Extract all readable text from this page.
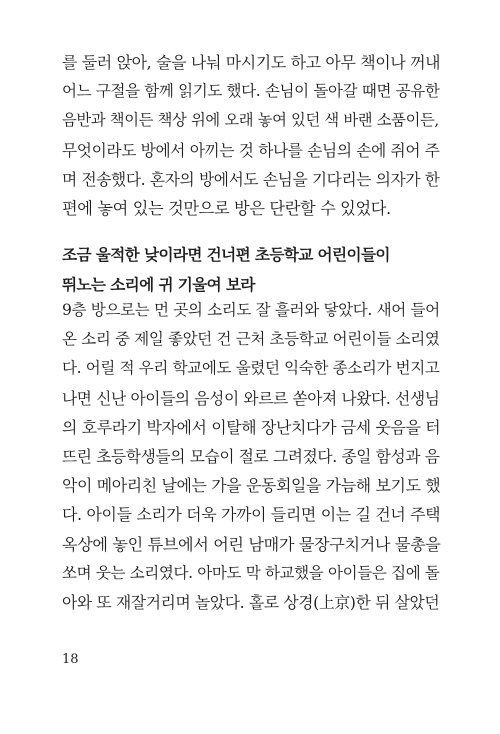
를 둘러 앉아, 술을 나눠 마시기도 하고 아무 책이나 꺼내
어느 구절을 함께 읽기도 했다. 손님이 돌아갈 때면 공유한
음반과 책이든 책상 위에 오래 놓여 있던 색 바랜 소품이든,
무엇이라도 방에서 아끼는 것 하나를 손님의 손에 쥐어 주
며 전송했다. 혼자의 방에서도 손님을 기다리는 의자가 한
편에 놓여 있는 것만으로 방은 단란할 수 있었다.
조금 울적한 낮이라면 건너편 초등학교 어린이들이
뛰노는 소리에 귀 기울여 보라
9층 방으로는 먼 곳의 소리도 잘 흘러와 닿았다. 새어 들어
온 소리 중 제일 좋았던 건 근처 초등학교 어린이들 소리였
다. 어릴 적 우리 학교에도 울렸던 익숙한 종소리가 번지고
나면 신난 아이들의 음성이 와르르 쏟아져 나왔다. 선생님
의 호루라기 박자에서 이탈해 장난치다가 금세 웃음을 터
뜨린 초등학생들의 모습이 절로 그려졌다. 종일 함성과 음
악이 메아리친 날에는 가을 운동회일을 가늠해 보기도 했
다. 아이들 소리가 더욱 가까이 들리면 이는 길 건너 주택
옥상에 놓인 튜브에서 어린 남매가 물장구치거나 물총을
쏘며 웃는 소리였다. 아마도 막 하교했을 아이들은 집에 돌
아와 또 재잘거리며 놀았다. 홀로 상경(上京)한 뒤 살았던
18
